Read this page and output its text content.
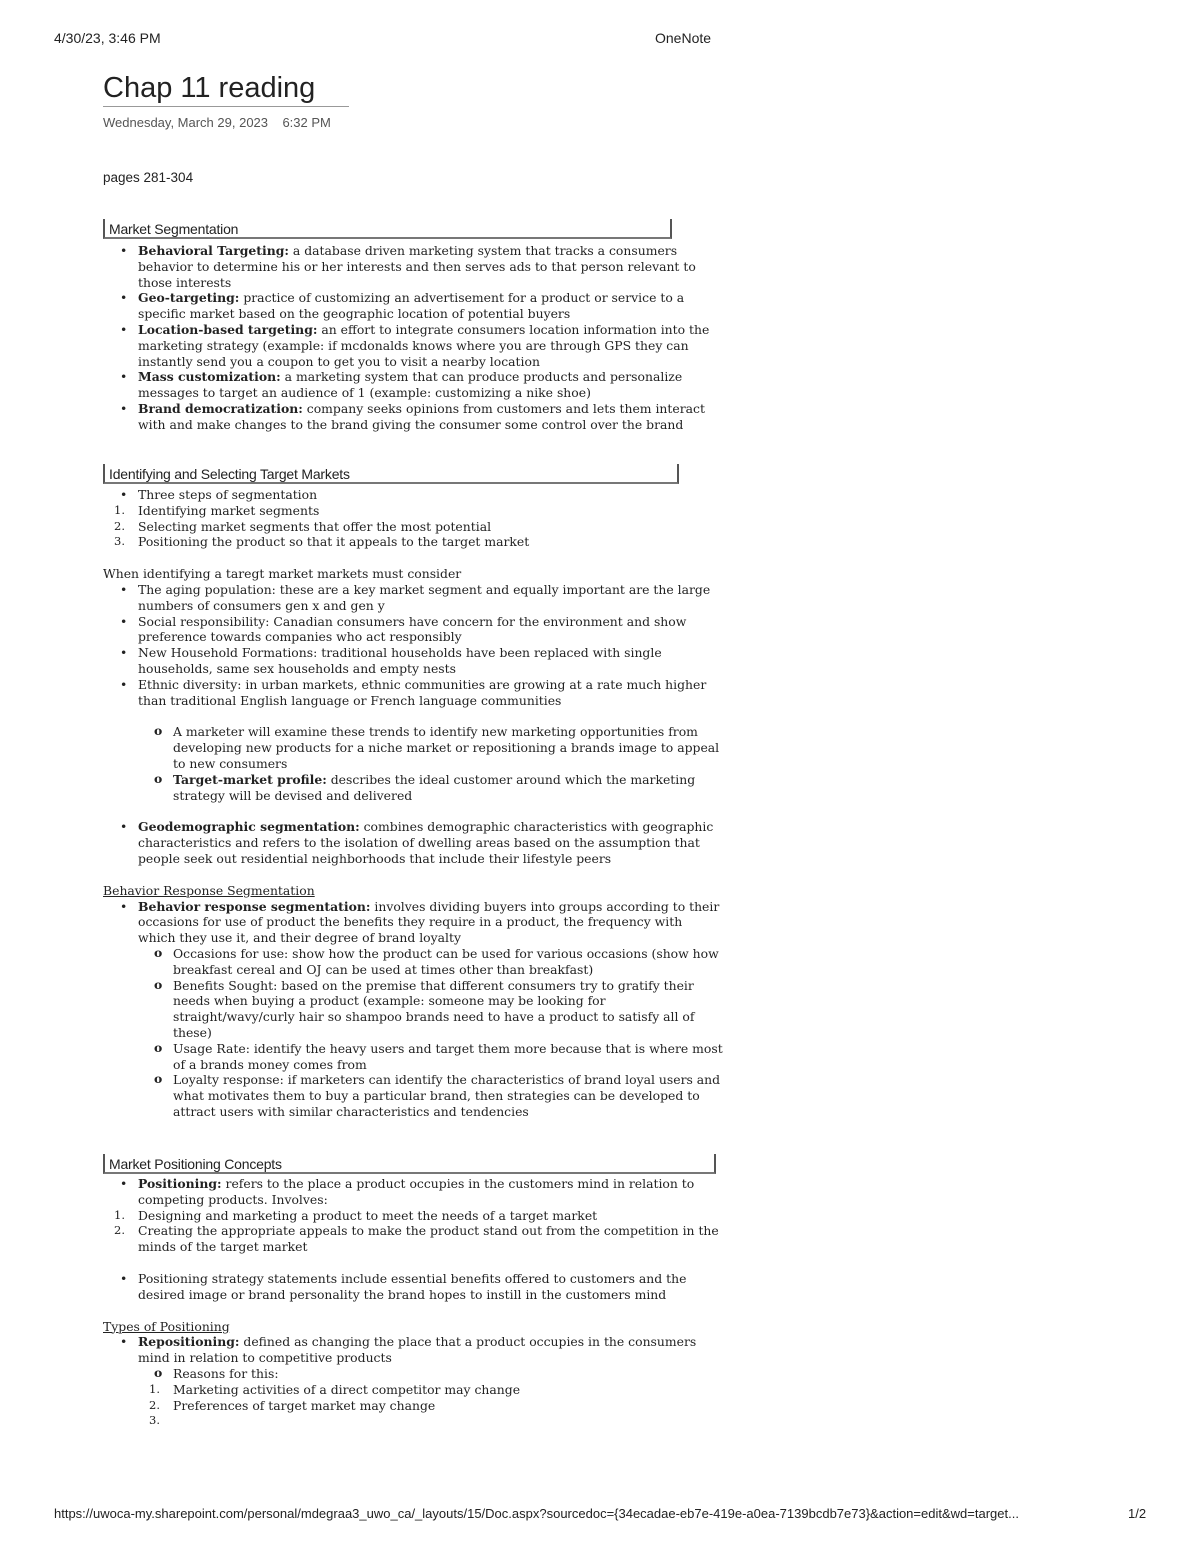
4/30/23, 3:46 PM	OneNote
Chap 11 reading
Wednesday, March 29, 2023    6:32 PM
pages 281-304
Market Segmentation
• Behavioral Targeting: a database driven marketing system that tracks a consumers behavior to determine his or her interests and then serves ads to that person relevant to those interests
• Geo-targeting: practice of customizing an advertisement for a product or service to a specific market based on the geographic location of potential buyers
• Location-based targeting: an effort to integrate consumers location information into the marketing strategy (example: if mcdonalds knows where you are through GPS they can instantly send you a coupon to get you to visit a nearby location
• Mass customization: a marketing system that can produce products and personalize messages to target an audience of 1 (example: customizing a nike shoe)
• Brand democratization: company seeks opinions from customers and lets them interact with and make changes to the brand giving the consumer some control over the brand
Identifying and Selecting Target Markets
• Three steps of segmentation
1. Identifying market segments
2. Selecting market segments that offer the most potential
3. Positioning the product so that it appeals to the target market
When identifying a taregt market markets must consider
• The aging population: these are a key market segment and equally important are the large numbers of consumers gen x and gen y
• Social responsibility: Canadian consumers have concern for the environment and show preference towards companies who act responsibly
• New Household Formations: traditional households have been replaced with single households, same sex households and empty nests
• Ethnic diversity: in urban markets, ethnic communities are growing at a rate much higher than traditional English language or French language communities
o A marketer will examine these trends to identify new marketing opportunities from developing new products for a niche market or repositioning a brands image to appeal to new consumers
o Target-market profile: describes the ideal customer around which the marketing strategy will be devised and delivered
• Geodemographic segmentation: combines demographic characteristics with geographic characteristics and refers to the isolation of dwelling areas based on the assumption that people seek out residential neighborhoods that include their lifestyle peers
Behavior Response Segmentation
• Behavior response segmentation: involves dividing buyers into groups according to their occasions for use of product the benefits they require in a product, the frequency with which they use it, and their degree of brand loyalty
o Occasions for use: show how the product can be used for various occasions (show how breakfast cereal and OJ can be used at times other than breakfast)
o Benefits Sought: based on the premise that different consumers try to gratify their needs when buying a product (example: someone may be looking for straight/wavy/curly hair so shampoo brands need to have a product to satisfy all of these)
o Usage Rate: identify the heavy users and target them more because that is where most of a brands money comes from
o Loyalty response: if marketers can identify the characteristics of brand loyal users and what motivates them to buy a particular brand, then strategies can be developed to attract users with similar characteristics and tendencies
Market Positioning Concepts
• Positioning: refers to the place a product occupies in the customers mind in relation to competing products. Involves:
1. Designing and marketing a product to meet the needs of a target market
2. Creating the appropriate appeals to make the product stand out from the competition in the minds of the target market
• Positioning strategy statements include essential benefits offered to customers and the desired image or brand personality the brand hopes to instill in the customers mind
Types of Positioning
• Repositioning: defined as changing the place that a product occupies in the consumers mind in relation to competitive products
o Reasons for this:
1. Marketing activities of a direct competitor may change
2. Preferences of target market may change
3.
https://uwoca-my.sharepoint.com/personal/mdegraa3_uwo_ca/_layouts/15/Doc.aspx?sourcedoc={34ecadae-eb7e-419e-a0ea-7139bcdb7e73}&action=edit&wd=target...	1/2
